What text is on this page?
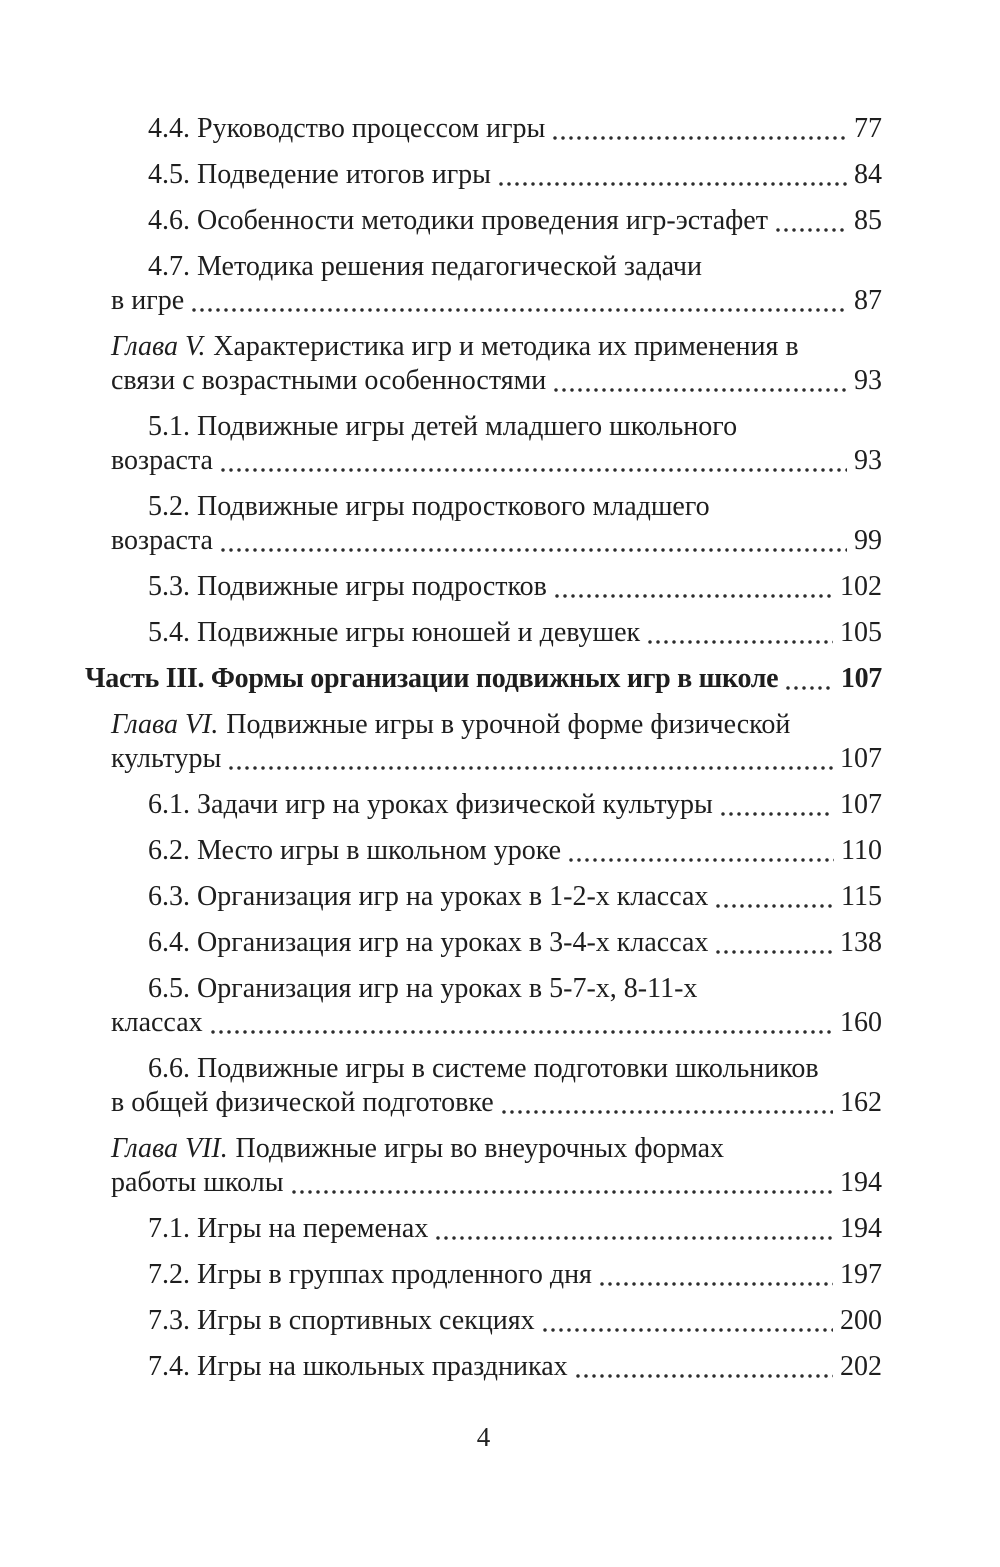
4.4. Руководство процессом игры	77
4.5. Подведение итогов игры	84
4.6. Особенности методики проведения игр-эстафет	85
4.7. Методика решения педагогической задачи
в игре	87
Глава V. Характеристика игр и методика их применения в
связи с возрастными особенностями	93
5.1. Подвижные игры детей младшего школьного
возраста	93
5.2. Подвижные игры подросткового младшего
возраста	99
5.3. Подвижные игры подростков	102
5.4. Подвижные игры юношей и девушек	105
Часть III. Формы организации подвижных игр в школе 107
Глава VI. Подвижные игры в урочной форме физической
культуры	107
6.1. Задачи игр на уроках физической культуры	107
6.2. Место игры в школьном уроке	110
6.3. Организация игр на уроках в 1-2-х классах	115
6.4. Организация игр на уроках в 3-4-х классах	138
6.5. Организация игр на уроках в 5-7-х, 8-11-х
классах	160
6.6. Подвижные игры в системе подготовки школьников
в общей физической подготовке	162
Глава VII. Подвижные игры во внеурочных формах
работы школы	194
7.1. Игры на переменах	194
7.2. Игры в группах продленного дня	197
7.3. Игры в спортивных секциях	200
7.4. Игры на школьных праздниках	202
4
